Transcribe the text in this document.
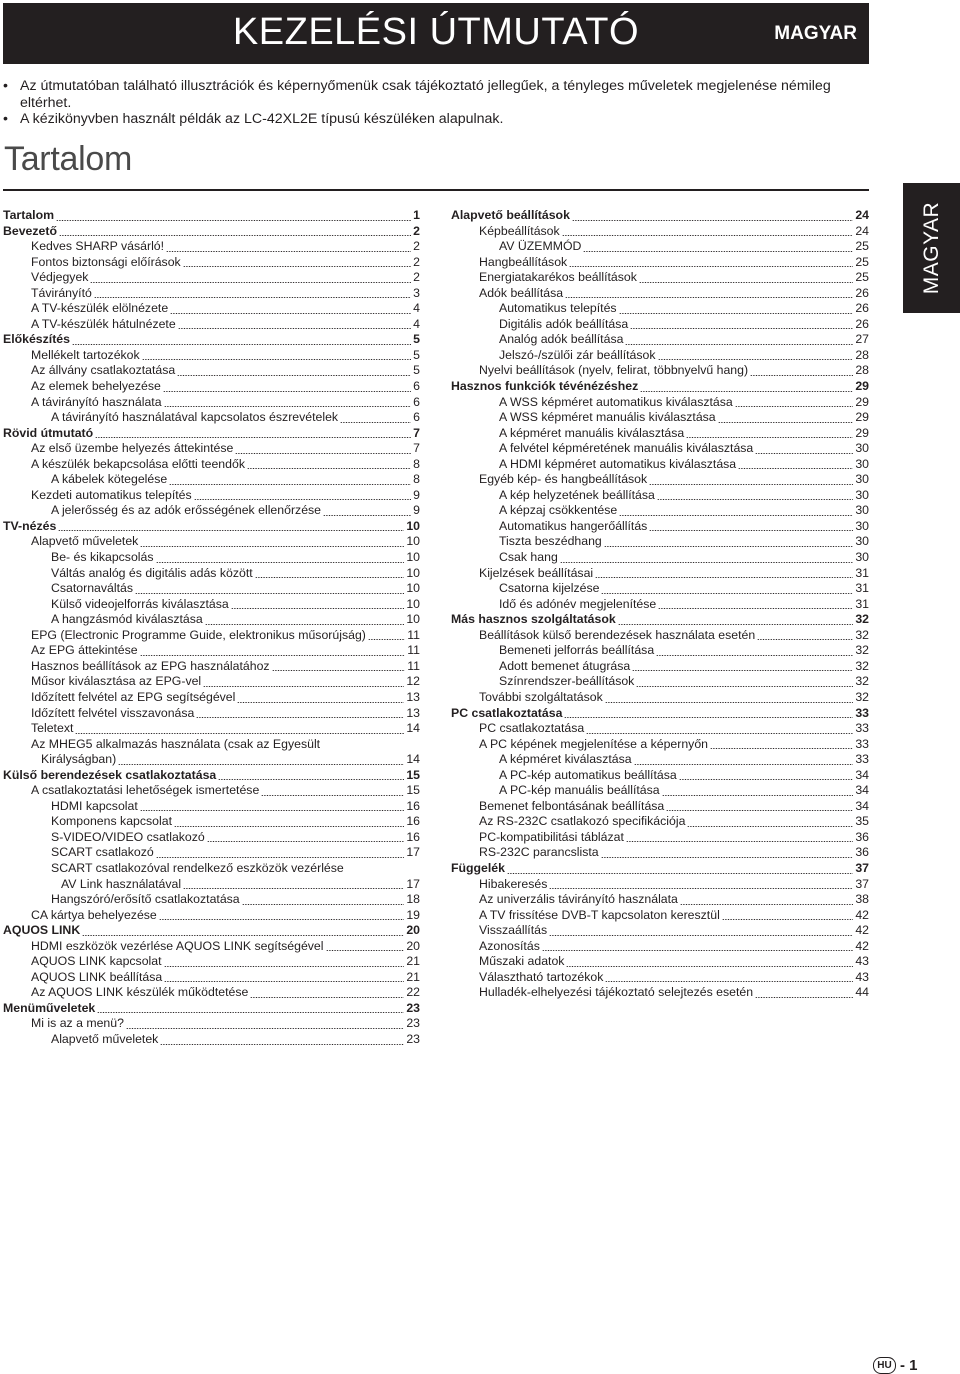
KEZELÉSI ÚTMUTATÓ	MAGYAR
• Az útmutatóban található illusztrációk és képernyőmenük csak tájékoztató jellegűek, a tényleges műveletek megjelenése némileg eltérhet.
• A kézikönyvben használt példák az LC-42XL2E típusú készüléken alapulnak.
Tartalom
MAGYAR
Tartalom	1
Bevezető	2
Kedves SHARP vásárló!	2
Fontos biztonsági előírások	2
Védjegyek	2
Távirányító	3
A TV-készülék elölnézete	4
A TV-készülék hátulnézete	4
Előkészítés	5
Mellékelt tartozékok	5
Az állvány csatlakoztatása	5
Az elemek behelyezése	6
A távirányító használata	6
A távirányító használatával kapcsolatos észrevételek	6
Rövid útmutató	7
Az első üzembe helyezés áttekintése	7
A készülék bekapcsolása előtti teendők	8
A kábelek kötegelése	8
Kezdeti automatikus telepítés	9
A jelerősség és az adók erősségének ellenőrzése	9
TV-nézés	10
Alapvető műveletek	10
Be- és kikapcsolás	10
Váltás analóg és digitális adás között	10
Csatornaváltás	10
Külső videojelforrás kiválasztása	10
A hangzásmód kiválasztása	10
EPG (Electronic Programme Guide, elektronikus műsorújság)	11
Az EPG áttekintése	11
Hasznos beállítások az EPG használatához	11
Műsor kiválasztása az EPG-vel	12
Időzített felvétel az EPG segítségével	13
Időzített felvétel visszavonása	13
Teletext	14
Az MHEG5 alkalmazás használata (csak az Egyesült
Királyságban)	14
Külső berendezések csatlakoztatása	15
A csatlakoztatási lehetőségek ismertetése	15
HDMI kapcsolat	16
Komponens kapcsolat	16
S-VIDEO/VIDEO csatlakozó	16
SCART csatlakozó	17
SCART csatlakozóval rendelkező eszközök vezérlése
AV Link használatával	17
Hangszóró/erősítő csatlakoztatása	18
CA kártya behelyezése	19
AQUOS LINK	20
HDMI eszközök vezérlése AQUOS LINK segítségével	20
AQUOS LINK kapcsolat	21
AQUOS LINK beállítása	21
Az AQUOS LINK készülék működtetése	22
Menüműveletek	23
Mi is az a menü?	23
Alapvető műveletek	23
Alapvető beállítások	24
Képbeállítások	24
AV ÜZEMMÓD	25
Hangbeállítások	25
Energiatakarékos beállítások	25
Adók beállítása	26
Automatikus telepítés	26
Digitális adók beállítása	26
Analóg adók beállítása	27
Jelszó-/szülői zár beállítások	28
Nyelvi beállítások (nyelv, felirat, többnyelvű hang)	28
Hasznos funkciók tévénézéshez	29
A WSS képméret automatikus kiválasztása	29
A WSS képméret manuális kiválasztása	29
A képméret manuális kiválasztása	29
A felvétel képméretének manuális kiválasztása	30
A HDMI képméret automatikus kiválasztása	30
Egyéb kép- és hangbeállítások	30
A kép helyzetének beállítása	30
A képzaj csökkentése	30
Automatikus hangerőállítás	30
Tiszta beszédhang	30
Csak hang	30
Kijelzések beállításai	31
Csatorna kijelzése	31
Idő és adónév megjelenítése	31
Más hasznos szolgáltatások	32
Beállítások külső berendezések használata esetén	32
Bemeneti jelforrás beállítása	32
Adott bemenet átugrása	32
Színrendszer-beállítások	32
További szolgáltatások	32
PC csatlakoztatása	33
PC csatlakoztatása	33
A PC képének megjelenítése a képernyőn	33
A képméret kiválasztása	33
A PC-kép automatikus beállítása	34
A PC-kép manuális beállítása	34
Bemenet felbontásának beállítása	34
Az RS-232C csatlakozó specifikációja	35
PC-kompatibilitási táblázat	36
RS-232C parancslista	36
Függelék	37
Hibakeresés	37
Az univerzális távirányító használata	38
A TV frissítése DVB-T kapcsolaton keresztül	42
Visszaállítás	42
Azonosítás	42
Műszaki adatok	43
Választható tartozékok	43
Hulladék-elhelyezési tájékoztató selejtezés esetén	44
HU - 1
